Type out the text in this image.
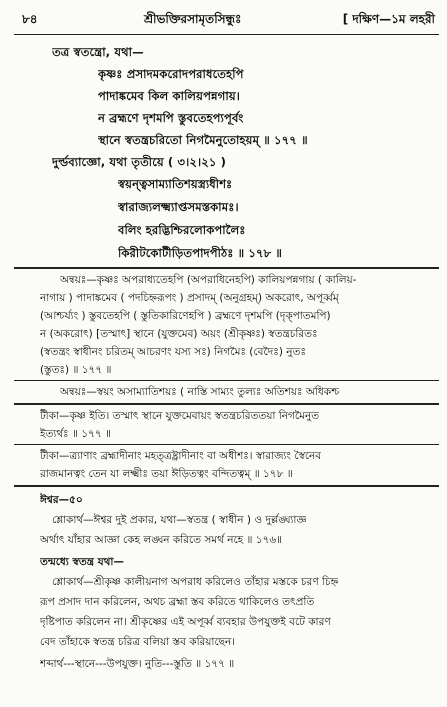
৮৪	শ্রীভক্তিরসামৃতসিন্ধুঃ	[ দক্ষিণ—১ম লহরী
তত্র স্বতন্ত্রো, যথা—
কৃষ্ণঃ প্রসাদমকরোদপরাধতেহপি
পাদাঙ্কমেব কিল কালিয়পন্নগায়।
ন ব্রহ্মণে দৃশমপি স্তুবতেহপ্যপূর্বং
স্থানে স্বতন্ত্রচরিতো নিগমৈনুতোহয়ম্ ॥ ১৭৭ ॥
দুর্ল্ডব্যাজ্ঞো, যথা তৃতীয়ে ( ৩।২।২১ )
স্বয়ন্ত্বসাম্যাতিশয়স্ত্র্যধীশঃ
স্বারাজ্যলক্ষ্ম্যাপ্তসমস্তকামঃ।
বলিং হরদ্ভিশ্চিরলোকপালৈঃ
কিরীটকোটীড়িতপাদপীঠঃ ॥ ১৭৮ ॥
অন্বয়ঃ—কৃষ্ণঃ অপরাধ্যতেহপি (অপরাধিনেহপি) কালিয়পন্নগায় ( কালিয়-
নাগায় ) পাদাঙ্কমেব ( পদচিহ্নরূপং ) প্রসাদম্ (অনুগ্রহম্) অকরোৎ, অপূর্ব্বম্
(আশ্চর্য্যং ) স্তুবতেহপি ( স্তুতিকারিণেহপি ) ব্রহ্মণে দৃশমপি (দৃক্‌পাতমপি)
ন (অকরোৎ) [তস্মাৎ] স্থানে (যুক্তমেব) অয়ং (শ্রীকৃষ্ণঃ) স্বতন্ত্রচরিতঃ
(স্বতন্ত্রং স্বাধীনং চরিতম্ আচরণং যস্য সঃ) নিগমৈঃ (বেদৈঃ) নুতঃ
(স্তুতঃ) ॥ ১৭৭ ॥
অন্বয়ঃ—স্বয়ং অসাম্যাতিশয়ঃ ( নাস্তি সাম্যং তুল্যঃ অতিশয়ঃ অধিকশ্চ
টীকা—কৃষ্ণ ইতি। তস্মাৎ স্থানে যুক্তমেবায়ং স্বতন্ত্রচরিততয়া নিগমৈনুত
ইত্যর্থঃ ॥ ১৭৭ ॥
টীকা—ত্র্যাণাং ব্রহ্মাদীনাং মহত্ত্রষ্ট্রাদীনাং বা অধীশঃ। স্বারাজ্যং স্বৈনেব
রাজমানত্বং তেন যা লক্ষ্মীঃ তয়া ঈড়িতত্বং বন্দিতত্বম্ ॥ ১৭৮ ॥
ঈশ্বর—৫০
শ্লোকার্থ—ঈশ্বর দুই প্রকার, যথা—স্বতন্ত্র ( স্বাধীন ) ও দুর্ল্লঙ্ঘ্যাজ্ঞ
অর্থাৎ যাঁহার আজ্ঞা কেহ লঙ্ঘন করিতে সমর্থ নহে ॥ ১৭৬॥
তন্মধ্যে স্বতন্ত্র যথা—
শ্লোকার্থ—শ্রীকৃষ্ণ কালীয়নাগ অপরাধ করিলেও তাঁহার মস্তকে চরণ চিহ্ন
রূপ প্রসাদ দান করিলেন, অথচ ব্রহ্মা স্তব করিতে থাকিলেও তৎপ্রতি
দৃষ্টিপাত করিলেন না। শ্রীকৃষ্ণের এই অপূর্ব্ব ব্যবহার উপযুক্তই বটে কারণ
বেদ তাঁহাকে স্বতন্ত্র চরিত্র বলিয়া স্তব করিয়াছেন।
শব্দার্থ---স্থানে---উপযুক্ত। নুতি---স্তুতি ॥ ১৭৭ ॥
